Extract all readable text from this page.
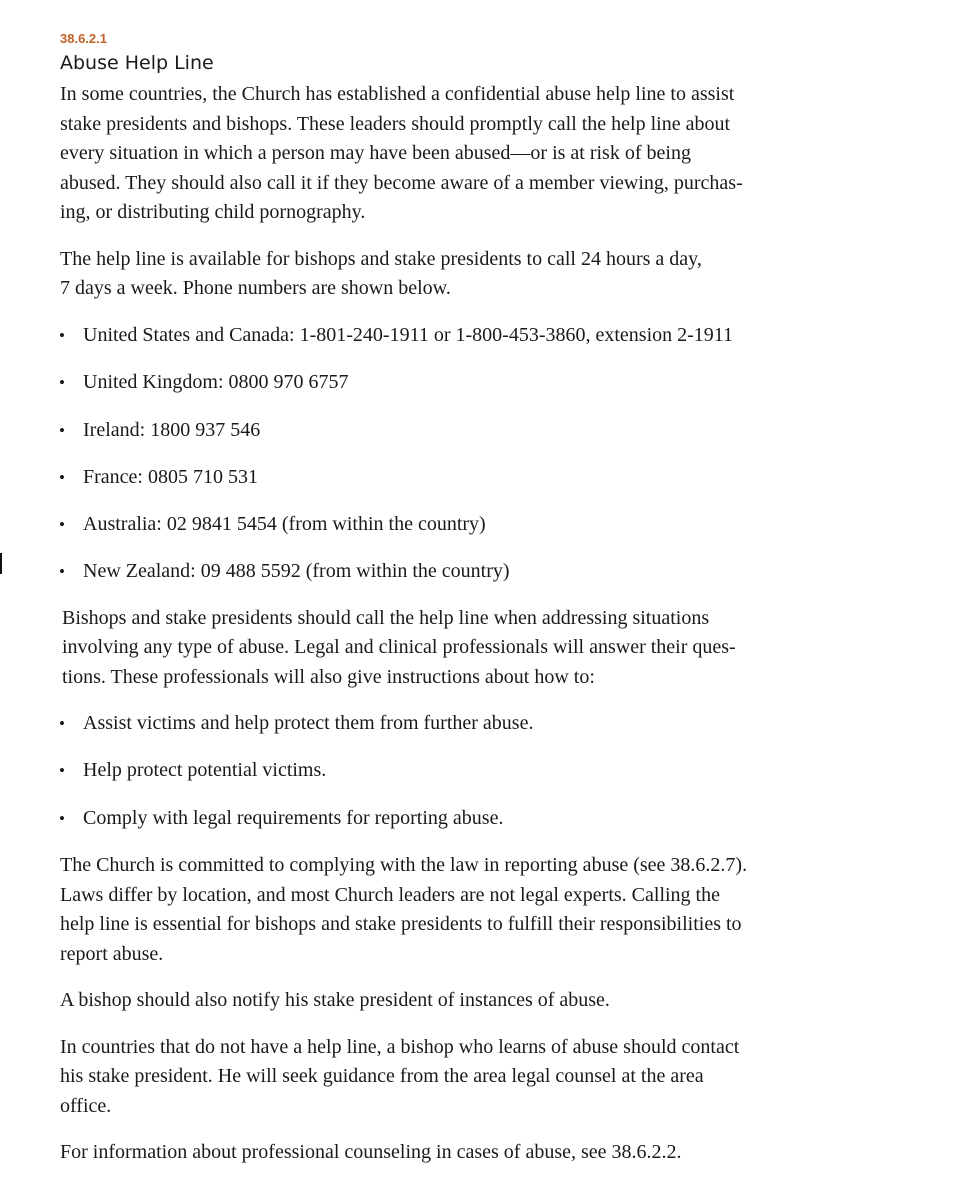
38.6.2.1
Abuse Help Line
In some countries, the Church has established a confidential abuse help line to assist
stake presidents and bishops. These leaders should promptly call the help line about
every situation in which a person may have been abused—or is at risk of being
abused. They should also call it if they become aware of a member viewing, purchas-
ing, or distributing child pornography.
The help line is available for bishops and stake presidents to call 24 hours a day,
7 days a week. Phone numbers are shown below.
• United States and Canada: 1-801-240-1911 or 1-800-453-3860, extension 2-1911
• United Kingdom: 0800 970 6757
• Ireland: 1800 937 546
• France: 0805 710 531
• Australia: 02 9841 5454 (from within the country)
• New Zealand: 09 488 5592 (from within the country)
Bishops and stake presidents should call the help line when addressing situations
involving any type of abuse. Legal and clinical professionals will answer their ques-
tions. These professionals will also give instructions about how to:
• Assist victims and help protect them from further abuse.
• Help protect potential victims.
• Comply with legal requirements for reporting abuse.
The Church is committed to complying with the law in reporting abuse (see 38.6.2.7).
Laws differ by location, and most Church leaders are not legal experts. Calling the
help line is essential for bishops and stake presidents to fulfill their responsibilities to
report abuse.
A bishop should also notify his stake president of instances of abuse.
In countries that do not have a help line, a bishop who learns of abuse should contact
his stake president. He will seek guidance from the area legal counsel at the area
office.
For information about professional counseling in cases of abuse, see 38.6.2.2.
